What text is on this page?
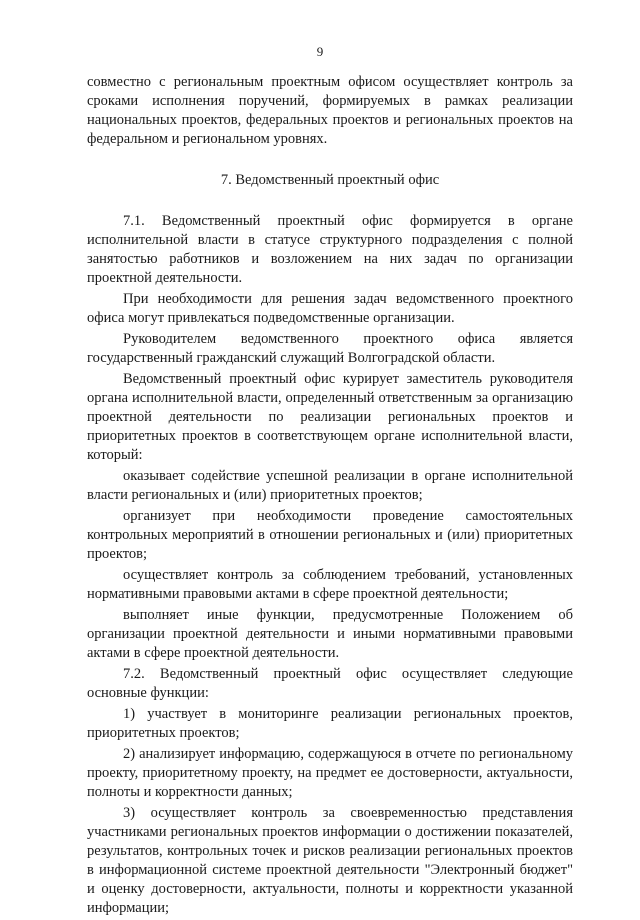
9

совместно с региональным проектным офисом осуществляет контроль за сроками исполнения поручений, формируемых в рамках реализации национальных проектов, федеральных проектов и региональных проектов на федеральном и региональном уровнях.

7. Ведомственный проектный офис

7.1. Ведомственный проектный офис формируется в органе исполнительной власти в статусе структурного подразделения с полной занятостью работников и возложением на них задач по организации проектной деятельности.

При необходимости для решения задач ведомственного проектного офиса могут привлекаться подведомственные организации.

Руководителем ведомственного проектного офиса является государственный гражданский служащий Волгоградской области.

Ведомственный проектный офис курирует заместитель руководителя органа исполнительной власти, определенный ответственным за организацию проектной деятельности по реализации региональных проектов и приоритетных проектов в соответствующем органе исполнительной власти, который:

оказывает содействие успешной реализации в органе исполнительной власти региональных и (или) приоритетных проектов;

организует при необходимости проведение самостоятельных контрольных мероприятий в отношении региональных и (или) приоритетных проектов;

осуществляет контроль за соблюдением требований, установленных нормативными правовыми актами в сфере проектной деятельности;

выполняет иные функции, предусмотренные Положением об организации проектной деятельности и иными нормативными правовыми актами в сфере проектной деятельности.

7.2. Ведомственный проектный офис осуществляет следующие основные функции:

1) участвует в мониторинге реализации региональных проектов, приоритетных проектов;

2) анализирует информацию, содержащуюся в отчете по региональному проекту, приоритетному проекту, на предмет ее достоверности, актуальности, полноты и корректности данных;

3) осуществляет контроль за своевременностью представления участниками региональных проектов информации о достижении показателей, результатов, контрольных точек и рисков реализации региональных проектов в информационной системе проектной деятельности "Электронный бюджет" и оценку достоверности, актуальности, полноты и корректности указанной информации;
